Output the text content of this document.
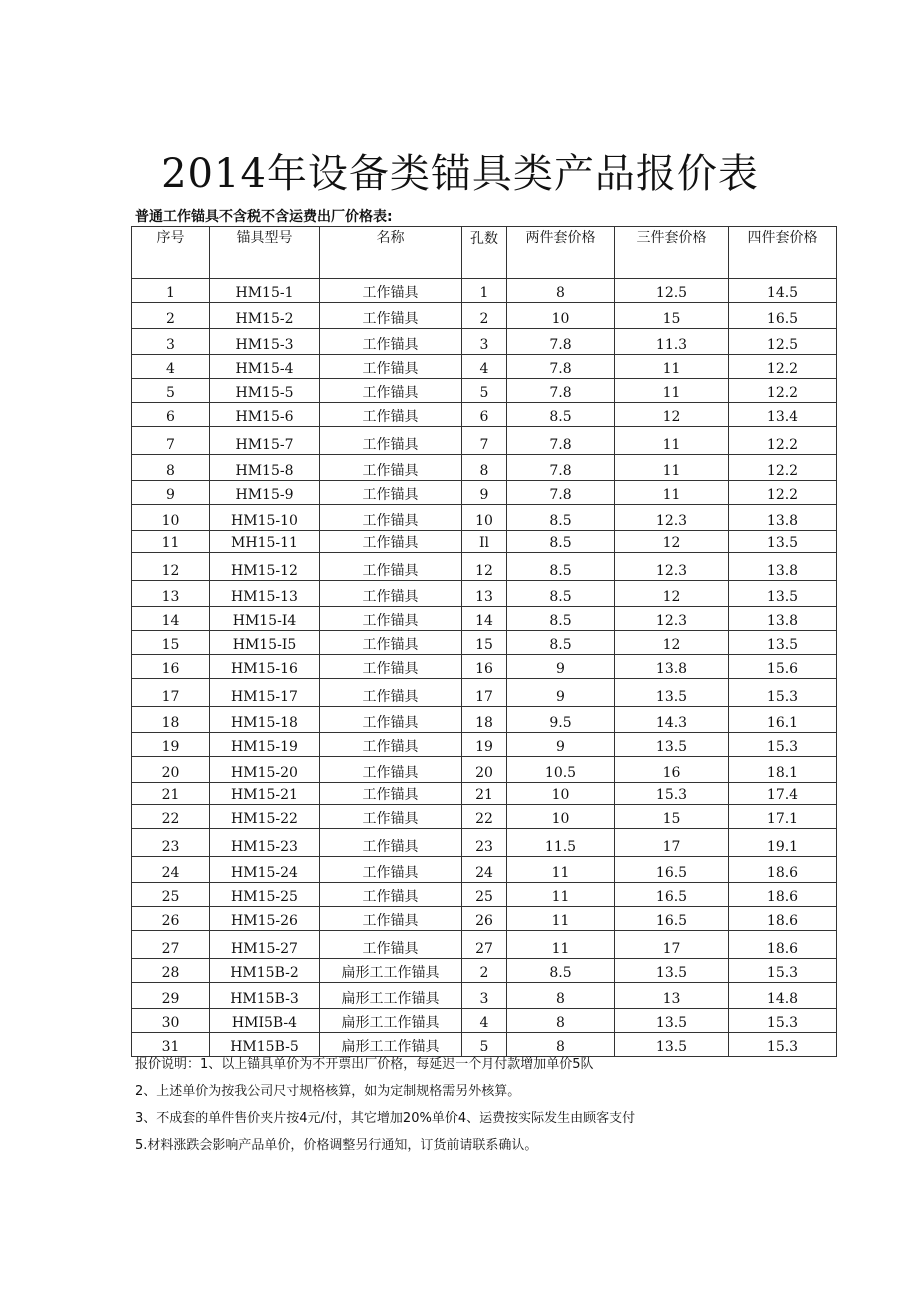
2014年设备类锚具类产品报价表
普通工作锚具不含税不含运费出厂价格表:
序号	锚具型号	名称	孔数	两件套价格	三件套价格	四件套价格
1	HM15-1	工作锚具	1	8	12.5	14.5
2	HM15-2	工作锚具	2	10	15	16.5
3	HM15-3	工作锚具	3	7.8	11.3	12.5
4	HM15-4	工作锚具	4	7.8	11	12.2
5	HM15-5	工作锚具	5	7.8	11	12.2
6	HM15-6	工作锚具	6	8.5	12	13.4
7	HM15-7	工作锚具	7	7.8	11	12.2
8	HM15-8	工作锚具	8	7.8	11	12.2
9	HM15-9	工作锚具	9	7.8	11	12.2
10	HM15-10	工作锚具	10	8.5	12.3	13.8
11	MH15-11	工作锚具	Il	8.5	12	13.5
12	HM15-12	工作锚具	12	8.5	12.3	13.8
13	HM15-13	工作锚具	13	8.5	12	13.5
14	HM15-I4	工作锚具	14	8.5	12.3	13.8
15	HM15-I5	工作锚具	15	8.5	12	13.5
16	HM15-16	工作锚具	16	9	13.8	15.6
17	HM15-17	工作锚具	17	9	13.5	15.3
18	HM15-18	工作锚具	18	9.5	14.3	16.1
19	HM15-19	工作锚具	19	9	13.5	15.3
20	HM15-20	工作锚具	20	10.5	16	18.1
21	HM15-21	工作锚具	21	10	15.3	17.4
22	HM15-22	工作锚具	22	10	15	17.1
23	HM15-23	工作锚具	23	11.5	17	19.1
24	HM15-24	工作锚具	24	11	16.5	18.6
25	HM15-25	工作锚具	25	11	16.5	18.6
26	HM15-26	工作锚具	26	11	16.5	18.6
27	HM15-27	工作锚具	27	11	17	18.6
28	HM15B-2	扁形工工作锚具	2	8.5	13.5	15.3
29	HM15B-3	扁形工工作锚具	3	8	13	14.8
30	HMI5B-4	扁形工工作锚具	4	8	13.5	15.3
31	HM15B-5	扁形工工作锚具	5	8	13.5	15.3
报价说明：1、以上锚具单价为不开票出厂价格，每延迟一个月付款增加单价5队
2、上述单价为按我公司尺寸规格核算，如为定制规格需另外核算。
3、不成套的单件售价夹片按4元/付，其它增加20%单价4、运费按实际发生由顾客支付
5.材料涨跌会影响产品单价，价格调整另行通知，订货前请联系确认。
